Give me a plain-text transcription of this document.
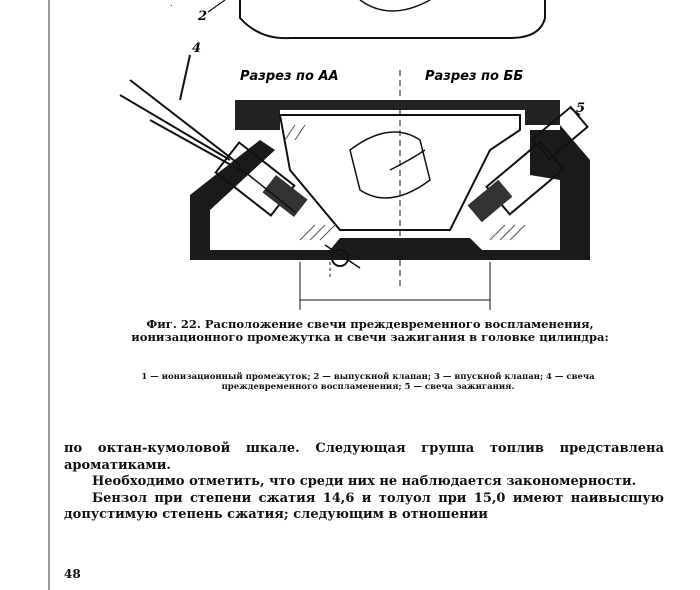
2
.
Разрез по АА	Разрез по ББ
4
5
Фиг. 22. Расположение свечи преждевременного воспламенения, ионизационного промежутка и свечи зажигания в головке цилиндра:
1 — ионизационный промежуток; 2 — выпускной клапан; 3 — впускной клапан; 4 — свеча преждевременного воспламенения; 5 — свеча зажигания.

по октан-кумоловой шкале. Следующая группа топлив представлена ароматиками.

Необходимо отметить, что среди них не наблюдается закономерности.

Бензол при степени сжатия 14,6 и толуол при 15,0 имеют наивысшую допустимую степень сжатия; следующим в отношении

48
